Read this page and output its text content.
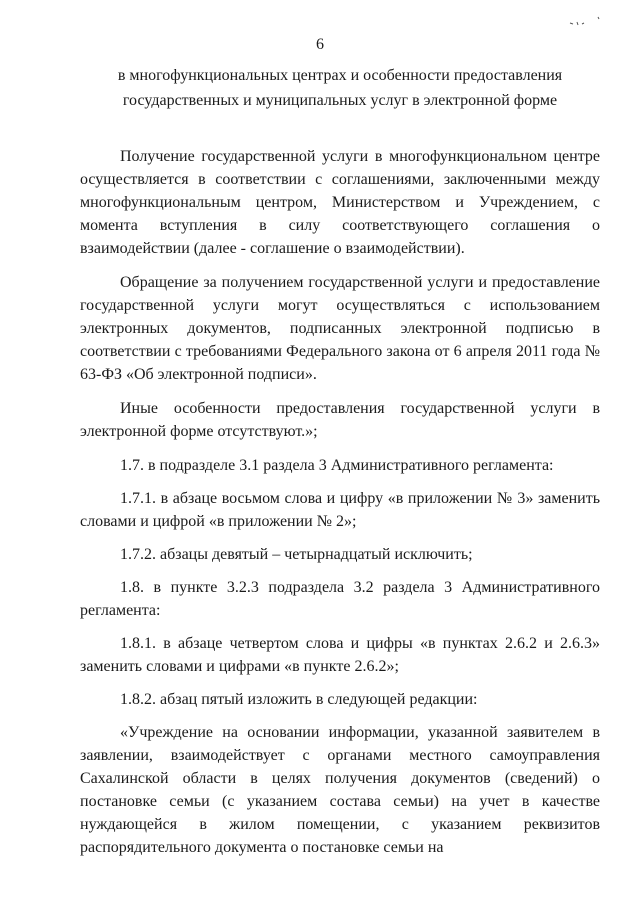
6
в многофункциональных центрах и особенности предоставления
государственных и муниципальных услуг в электронной форме

Получение государственной услуги в многофункциональном центре осуществляется в соответствии с соглашениями, заключенными между многофункциональным центром, Министерством и Учреждением, с момента вступления в силу соответствующего соглашения о взаимодействии (далее - соглашение о взаимодействии).

Обращение за получением государственной услуги и предоставление государственной услуги могут осуществляться с использованием электронных документов, подписанных электронной подписью в соответствии с требованиями Федерального закона от 6 апреля 2011 года № 63-ФЗ «Об электронной подписи».

Иные особенности предоставления государственной услуги в электронной форме отсутствуют.»;

1.7. в подразделе 3.1 раздела 3 Административного регламента:

1.7.1. в абзаце восьмом слова и цифру «в приложении № 3» заменить словами и цифрой «в приложении № 2»;

1.7.2. абзацы девятый – четырнадцатый исключить;

1.8. в пункте 3.2.3 подраздела 3.2 раздела 3 Административного регламента:

1.8.1. в абзаце четвертом слова и цифры «в пунктах 2.6.2 и 2.6.3» заменить словами и цифрами «в пункте 2.6.2»;

1.8.2. абзац пятый изложить в следующей редакции:

«Учреждение на основании информации, указанной заявителем в заявлении, взаимодействует с органами местного самоуправления Сахалинской области в целях получения документов (сведений) о постановке семьи (с указанием состава семьи) на учет в качестве нуждающейся в жилом помещении, с указанием реквизитов распорядительного документа о постановке семьи на
